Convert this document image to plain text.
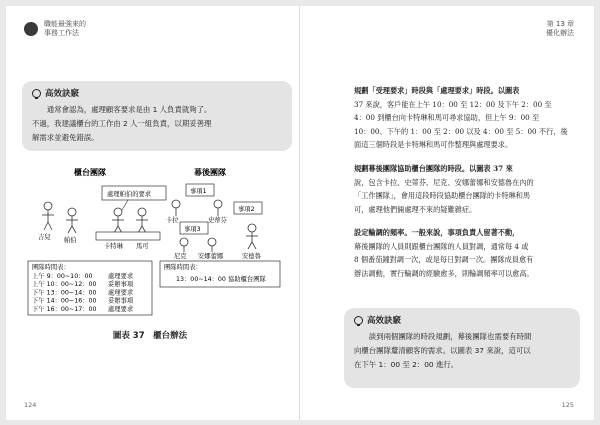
職能最強來的
事務工作法
高效訣竅

通常會認為，處理顧客要求是由 1 人負責就夠了。

不過，我建議櫃台的工作由 2 人一組負責，以期妥善理

解需求並避免錯誤。

櫃台團隊	幕後團隊
處理帕伯的要求
吉兒 帕伯
卡特琳 馬可
事項1
事項2
事項3
卡拉	史蒂芬
尼克 安娜蕾娜	安德魯
團隊時間表：
上午 9：00~10：00 處理要求
上午 10：00~12：00 妥辦事項
下午 13：00~14：00 處理要求
下午 14：00~16：00 妥辦事項
下午 16：00~17：00 處理要求
團隊時間表：
13：00~14：00 協助櫃台團隊
圖表 37　櫃台辦法
124
第 13 章
優化辦法
規劃「受理要求」時段與「處理要求」時段。以圖表
37 來說，客戶能在上午 10：00 至 12：00 及下午 2：00 至
4：00 到櫃台向卡特琳和馬可尋求協助，但上午 9：00 至
10：00、下午的 1：00 至 2：00 以及 4：00 至 5：00 不行，後
面這三個時段是卡特琳和馬可作整理與處理要求。
規劃幕後團隊協助櫃台團隊的時段。以圖表 37 來
說，包含卡拉、史蒂芬、尼克、安娜蕾娜和安德魯在內的
「工作團隊」，會用這段時段協助櫃台團隊的卡特琳和馬
可，處理他們倆處理不來的疑難雜症。
設定輪調的頻率。一般來說，事項負責人留著不動，
幕後團隊的人員則跟櫃台團隊的人員對調，通常每 4 或
8 個番茄鐘對調一次，或是每日對調一次。團隊成員愈有
辦法調動，實行輪調的經驗愈多，則輪調頻率可以愈高。
高效訣竅

談到兩個團隊的時段規劃，幕後團隊也需要有時間

向櫃台團隊釐清顧客的需求。以圖表 37 來說，這可以

在下午 1：00 至 2：00 進行。

125
